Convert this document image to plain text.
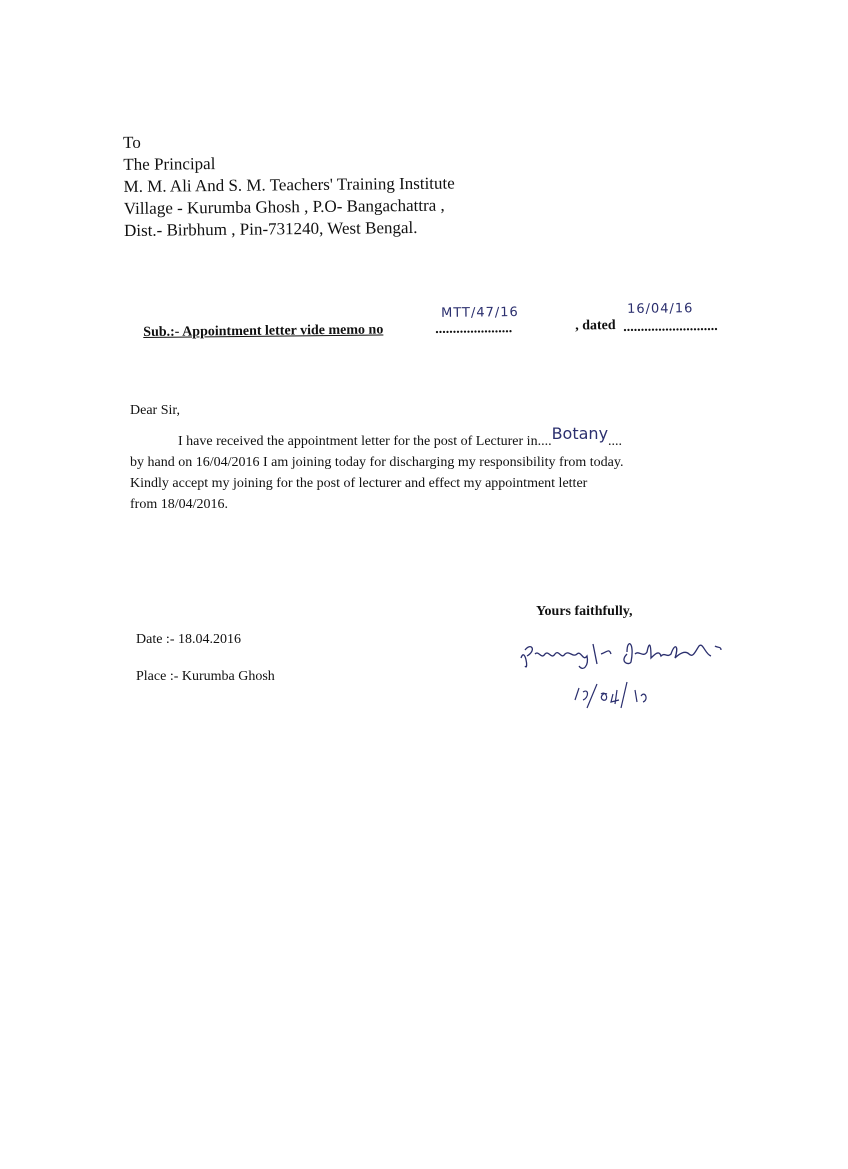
To
The Principal
M. M. Ali And S. M. Teachers' Training Institute
Village - Kurumba Ghosh , P.O- Bangachattra ,
Dist.- Birbhum , Pin-731240, West Bengal.
Sub.:- Appointment letter vide memo no	......................
MTT/47/16
, dated ...........................
16/04/16

Dear Sir,

I have received the appointment letter for the post of Lecturer in....Botany....

by hand on 16/04/2016 I am joining today for discharging my responsibility from today.

Kindly accept my joining for the post of lecturer and effect my appointment letter

from 18/04/2016.

Yours faithfully,
Date :- 18.04.2016
Place :- Kurumba Ghosh
